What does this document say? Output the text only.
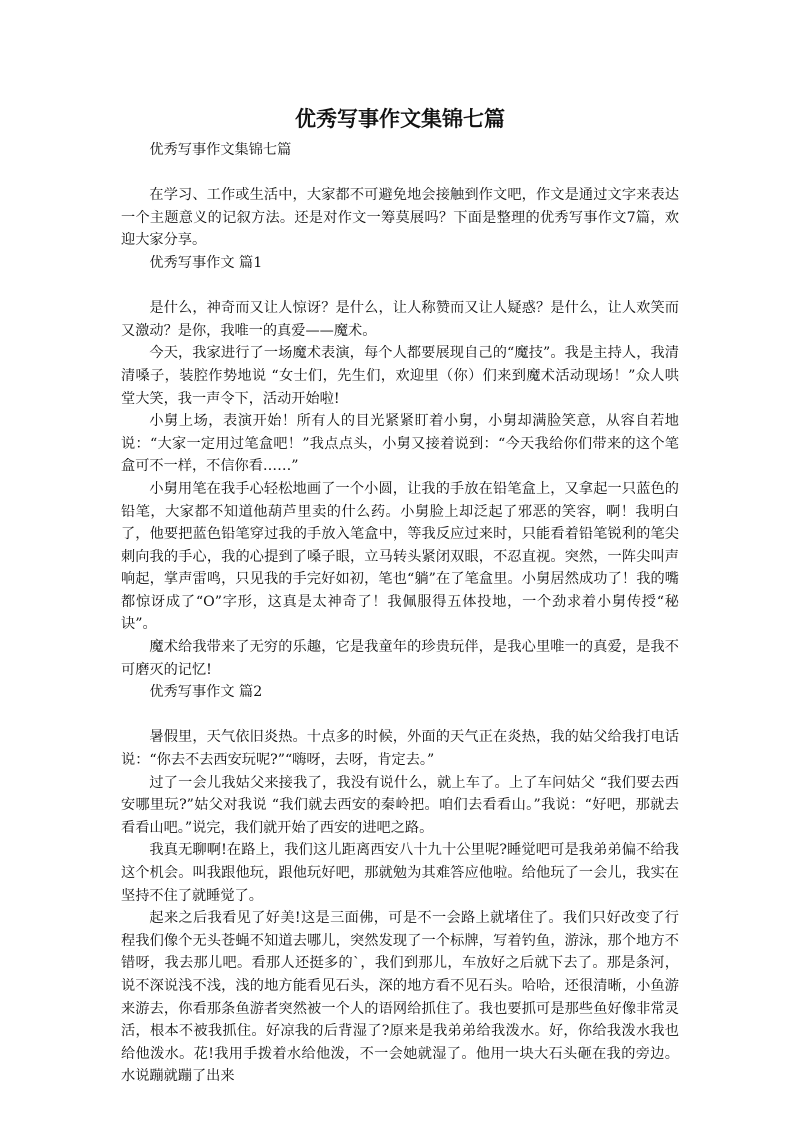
优秀写事作文集锦七篇

优秀写事作文集锦七篇

在学习、工作或生活中，大家都不可避免地会接触到作文吧，作文是通过文字来表达一个主题意义的记叙方法。还是对作文一筹莫展吗？下面是整理的优秀写事作文7篇，欢迎大家分享。

优秀写事作文 篇1

是什么，神奇而又让人惊讶？是什么，让人称赞而又让人疑惑？是什么，让人欢笑而又激动？是你，我唯一的真爱——魔术。

今天，我家进行了一场魔术表演，每个人都要展现自己的“魔技”。我是主持人，我清清嗓子，装腔作势地说 “女士们，先生们，欢迎里（你）们来到魔术活动现场！”众人哄堂大笑，我一声令下，活动开始啦!

小舅上场，表演开始！所有人的目光紧紧盯着小舅，小舅却满脸笑意，从容自若地说：“大家一定用过笔盒吧！”我点点头，小舅又接着说到：“今天我给你们带来的这个笔盒可不一样，不信你看……”

小舅用笔在我手心轻松地画了一个小圆，让我的手放在铅笔盒上，又拿起一只蓝色的铅笔，大家都不知道他葫芦里卖的什么药。小舅脸上却泛起了邪恶的笑容，啊！我明白了，他要把蓝色铅笔穿过我的手放入笔盒中，等我反应过来时，只能看着铅笔锐利的笔尖刺向我的手心，我的心提到了嗓子眼，立马转头紧闭双眼，不忍直视。突然，一阵尖叫声响起，掌声雷鸣，只见我的手完好如初，笔也“躺”在了笔盒里。小舅居然成功了！我的嘴都惊讶成了“O”字形，这真是太神奇了！我佩服得五体投地，一个劲求着小舅传授“秘诀”。

魔术给我带来了无穷的乐趣，它是我童年的珍贵玩伴，是我心里唯一的真爱，是我不可磨灭的记忆!

优秀写事作文 篇2

暑假里，天气依旧炎热。十点多的时候，外面的天气正在炎热，我的姑父给我打电话说：“你去不去西安玩呢?”“嗨呀，去呀，肯定去。”

过了一会儿我姑父来接我了，我没有说什么，就上车了。上了车问姑父 “我们要去西安哪里玩?”姑父对我说 “我们就去西安的秦岭把。咱们去看看山。”我说：“好吧，那就去看看山吧。”说完，我们就开始了西安的进吧之路。

我真无聊啊!在路上，我们这儿距离西安八十九十公里呢?睡觉吧可是我弟弟偏不给我这个机会。叫我跟他玩，跟他玩好吧，那就勉为其难答应他啦。给他玩了一会儿，我实在坚持不住了就睡觉了。

起来之后我看见了好美!这是三面佛，可是不一会路上就堵住了。我们只好改变了行程我们像个无头苍蝇不知道去哪儿，突然发现了一个标牌，写着钓鱼，游泳，那个地方不错呀，我去那儿吧。看那人还挺多的`，我们到那儿，车放好之后就下去了。那是条河，说不深说浅不浅，浅的地方能看见石头，深的地方看不见石头。哈哈，还很清晰，小鱼游来游去，你看那条鱼游者突然被一个人的语网给抓住了。我也要抓可是那些鱼好像非常灵活，根本不被我抓住。好凉我的后背湿了?原来是我弟弟给我泼水。好，你给我泼水我也给他泼水。花!我用手拨着水给他泼，不一会她就湿了。他用一块大石头砸在我的旁边。水说蹦就蹦了出来
